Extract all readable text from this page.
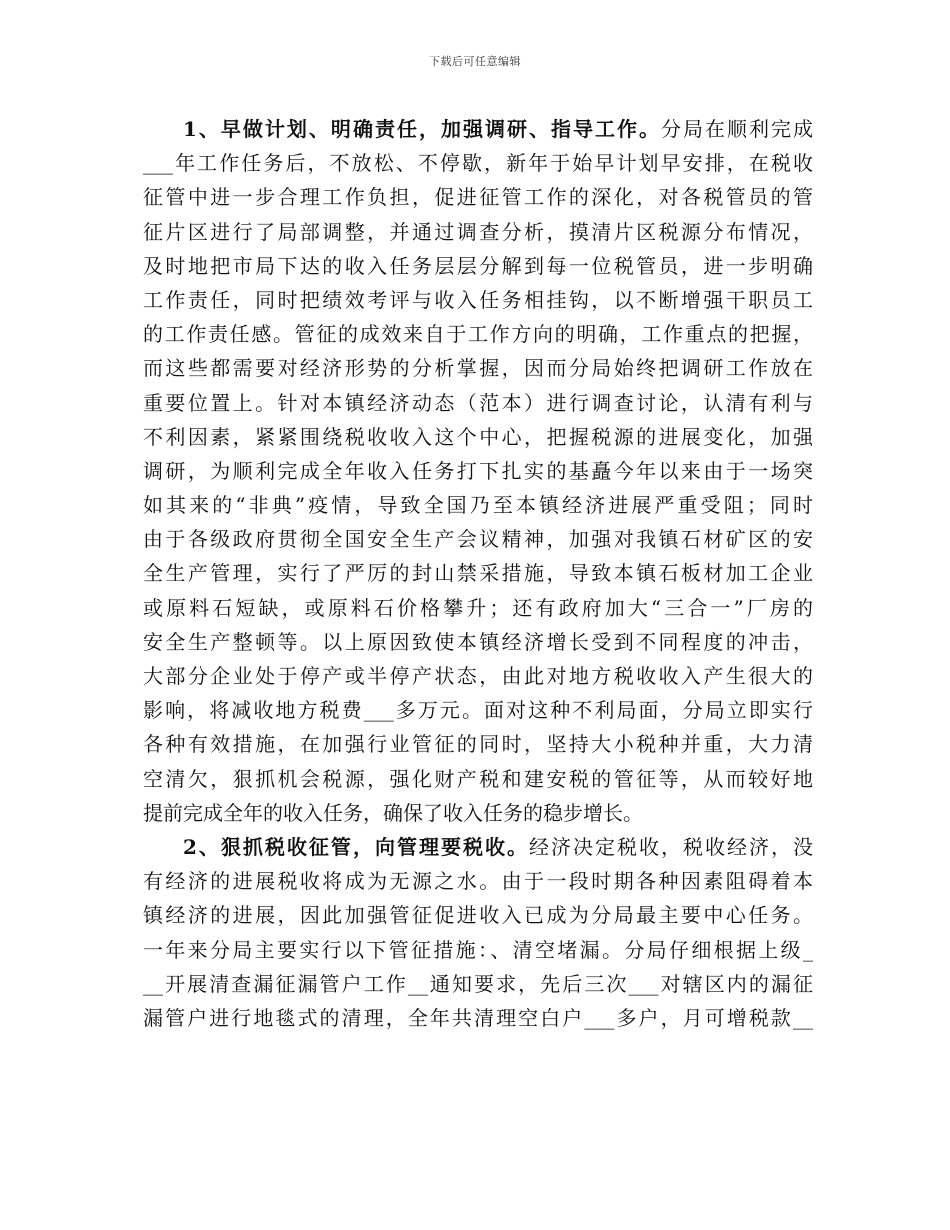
下载后可任意编辑
1、早做计划、明确责任，加强调研、指导工作。分局在顺利完成
___年工作任务后，不放松、不停歇，新年于始早计划早安排，在税收
征管中进一步合理工作负担，促进征管工作的深化，对各税管员的管
征片区进行了局部调整，并通过调查分析，摸清片区税源分布情况，
及时地把市局下达的收入任务层层分解到每一位税管员，进一步明确
工作责任，同时把绩效考评与收入任务相挂钩，以不断增强干职员工
的工作责任感。管征的成效来自于工作方向的明确，工作重点的把握，
而这些都需要对经济形势的分析掌握，因而分局始终把调研工作放在
重要位置上。针对本镇经济动态（范本）进行调查讨论，认清有利与
不利因素，紧紧围绕税收收入这个中心，把握税源的进展变化，加强
调研，为顺利完成全年收入任务打下扎实的基矗今年以来由于一场突
如其来的“非典”疫情，导致全国乃至本镇经济进展严重受阻；同时
由于各级政府贯彻全国安全生产会议精神，加强对我镇石材矿区的安
全生产管理，实行了严厉的封山禁采措施，导致本镇石板材加工企业
或原料石短缺，或原料石价格攀升；还有政府加大“三合一”厂房的
安全生产整顿等。以上原因致使本镇经济增长受到不同程度的冲击，
大部分企业处于停产或半停产状态，由此对地方税收收入产生很大的
影响，将减收地方税费___多万元。面对这种不利局面，分局立即实行
各种有效措施，在加强行业管征的同时，坚持大小税种并重，大力清
空清欠，狠抓机会税源，强化财产税和建安税的管征等，从而较好地
提前完成全年的收入任务，确保了收入任务的稳步增长。
2、狠抓税收征管，向管理要税收。经济决定税收，税收经济，没
有经济的进展税收将成为无源之水。由于一段时期各种因素阻碍着本
镇经济的进展，因此加强管征促进收入已成为分局最主要中心任务。
一年来分局主要实行以下管征措施：、清空堵漏。分局仔细根据上级_
__开展清查漏征漏管户工作__通知要求，先后三次___对辖区内的漏征
漏管户进行地毯式的清理，全年共清理空白户___多户，月可增税款__
